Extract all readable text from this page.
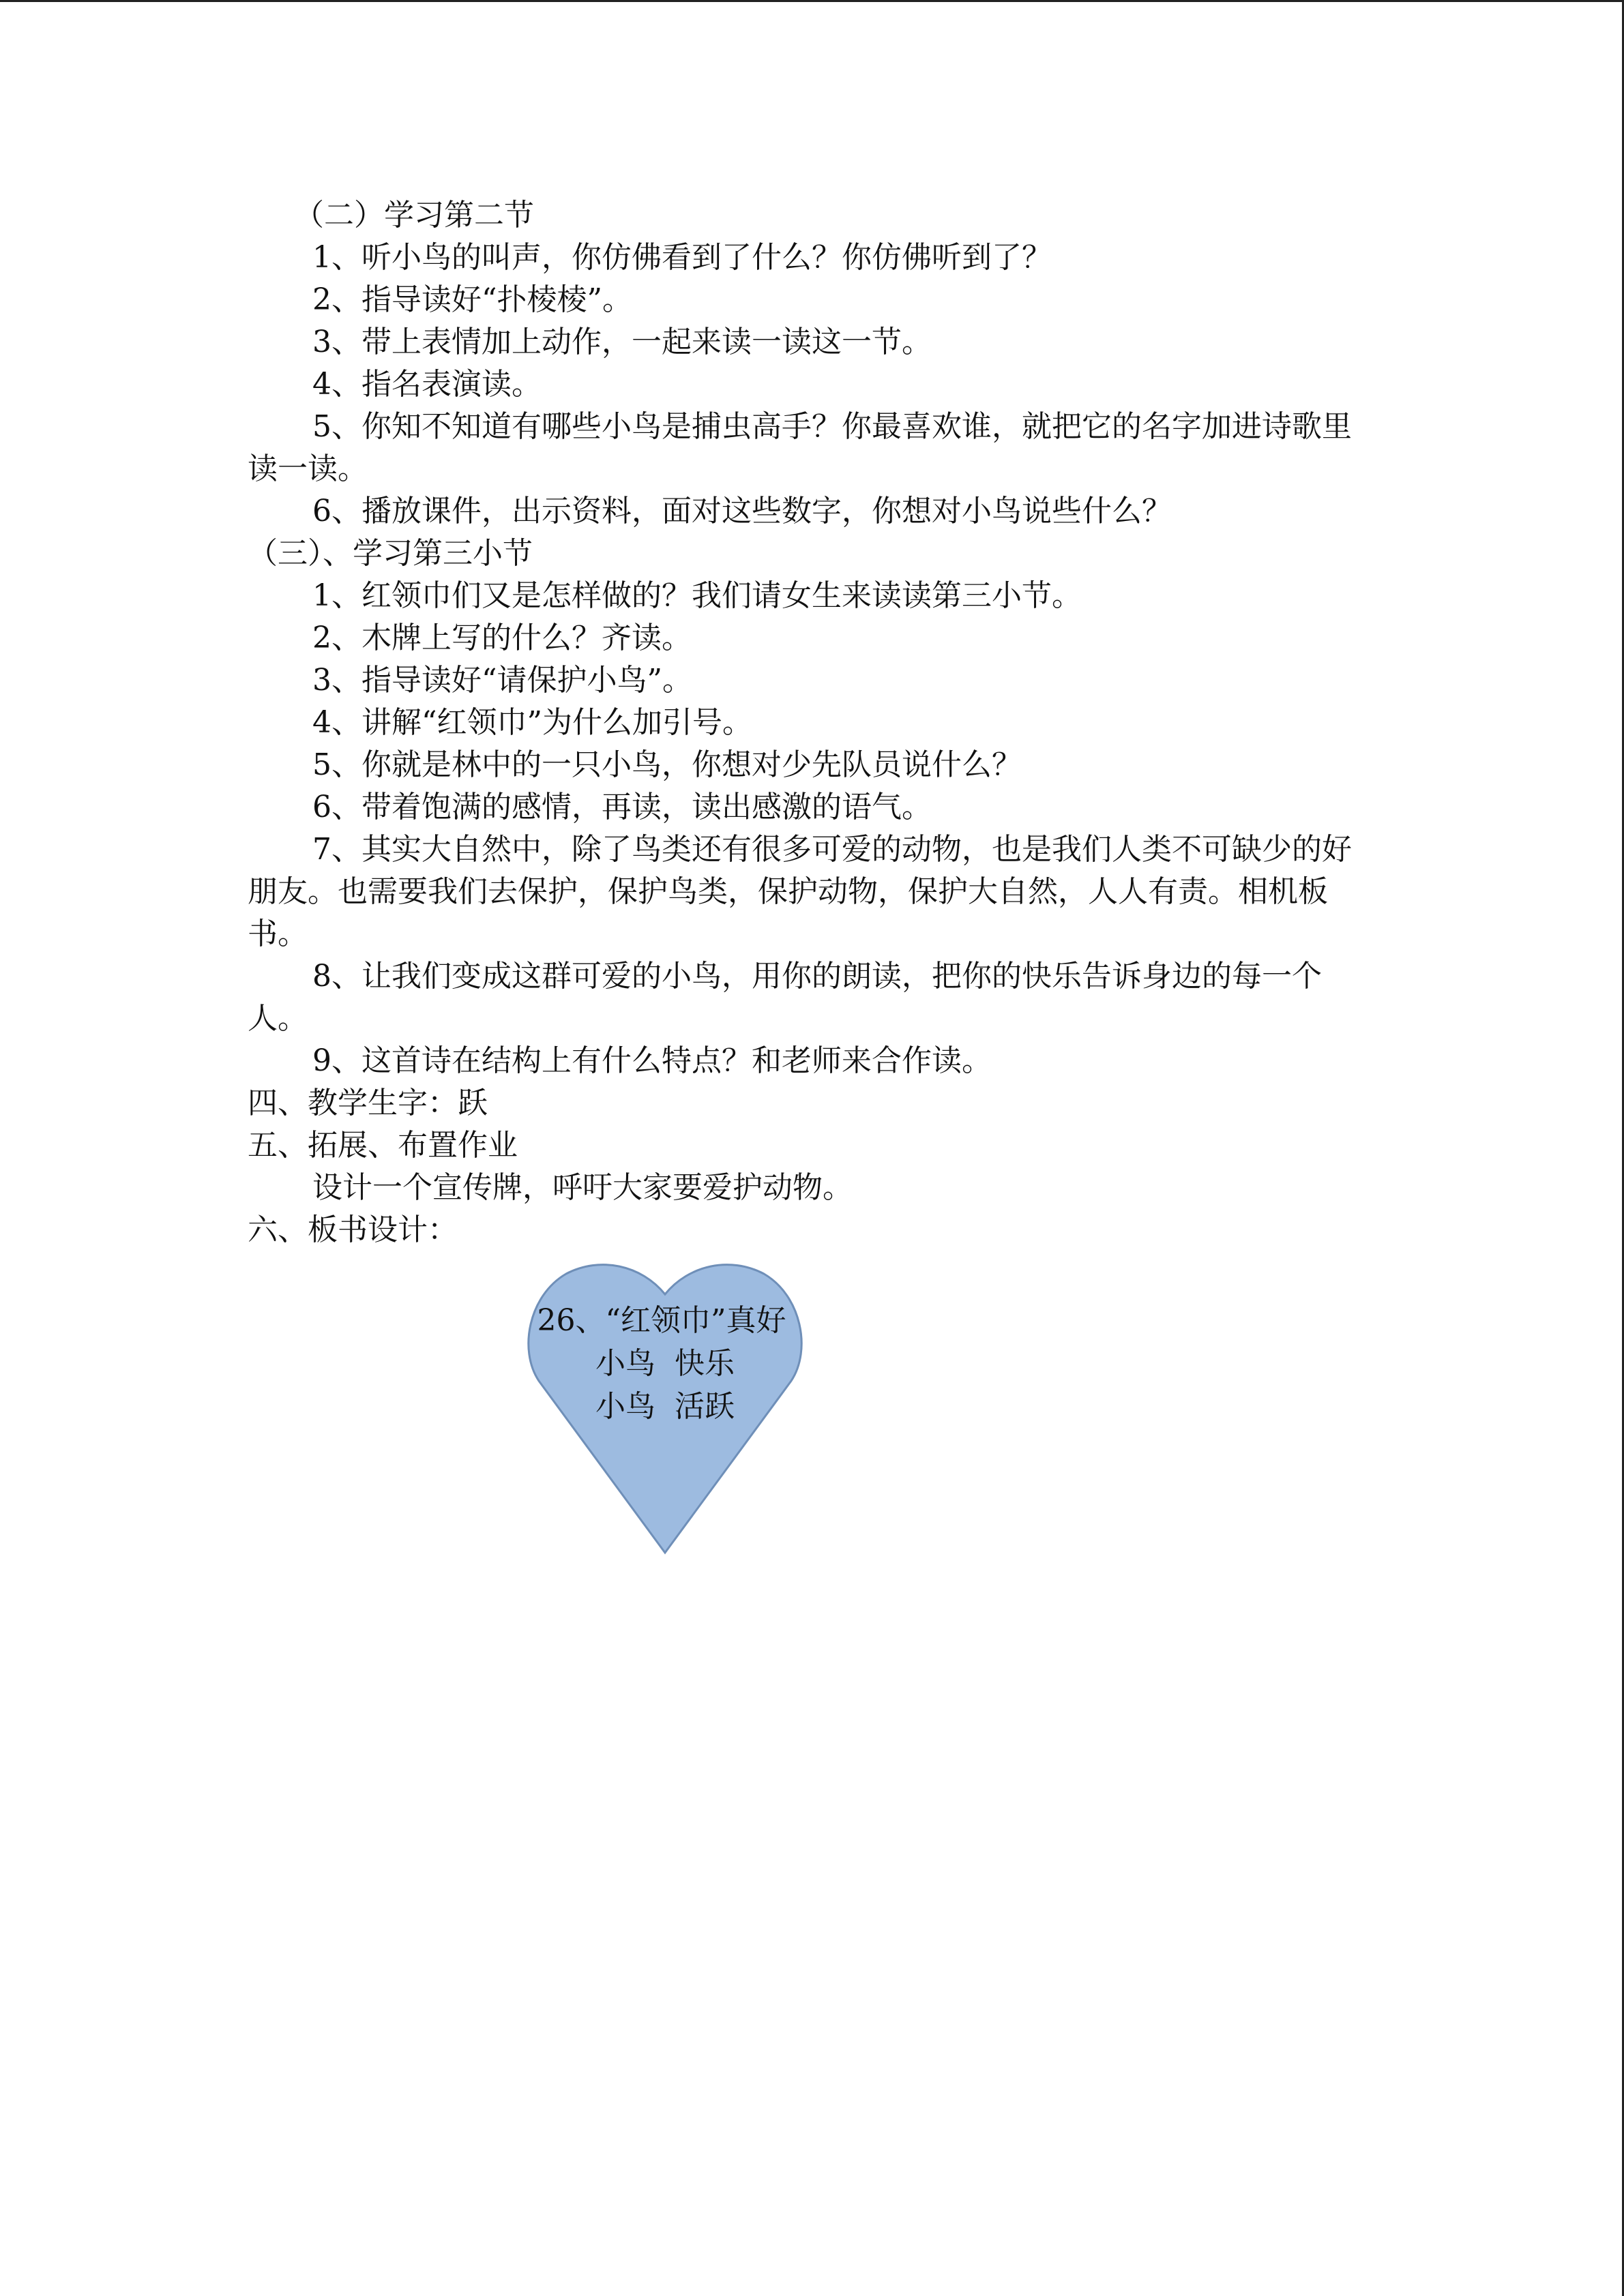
（二）学习第二节
1、听小鸟的叫声，你仿佛看到了什么？你仿佛听到了？
2、指导读好“扑棱棱”。
3、带上表情加上动作，一起来读一读这一节。
4、指名表演读。
5、你知不知道有哪些小鸟是捕虫高手？你最喜欢谁，就把它的名字加进诗歌里读一读。
6、播放课件，出示资料，面对这些数字，你想对小鸟说些什么？
（三）、学习第三小节
1、红领巾们又是怎样做的？我们请女生来读读第三小节。
2、木牌上写的什么？齐读。
3、指导读好“请保护小鸟”。
4、讲解“红领巾”为什么加引号。
5、你就是林中的一只小鸟，你想对少先队员说什么？
6、带着饱满的感情，再读，读出感激的语气。
7、其实大自然中，除了鸟类还有很多可爱的动物，也是我们人类不可缺少的好朋友。也需要我们去保护，保护鸟类，保护动物，保护大自然，人人有责。相机板书。
8、让我们变成这群可爱的小鸟，用你的朗读，把你的快乐告诉身边的每一个人。
9、这首诗在结构上有什么特点？和老师来合作读。
四、教学生字：跃
五、拓展、布置作业
设计一个宣传牌，呼吁大家要爱护动物。
六、板书设计：
26、“红领巾”真好
小鸟  快乐
小鸟  活跃
